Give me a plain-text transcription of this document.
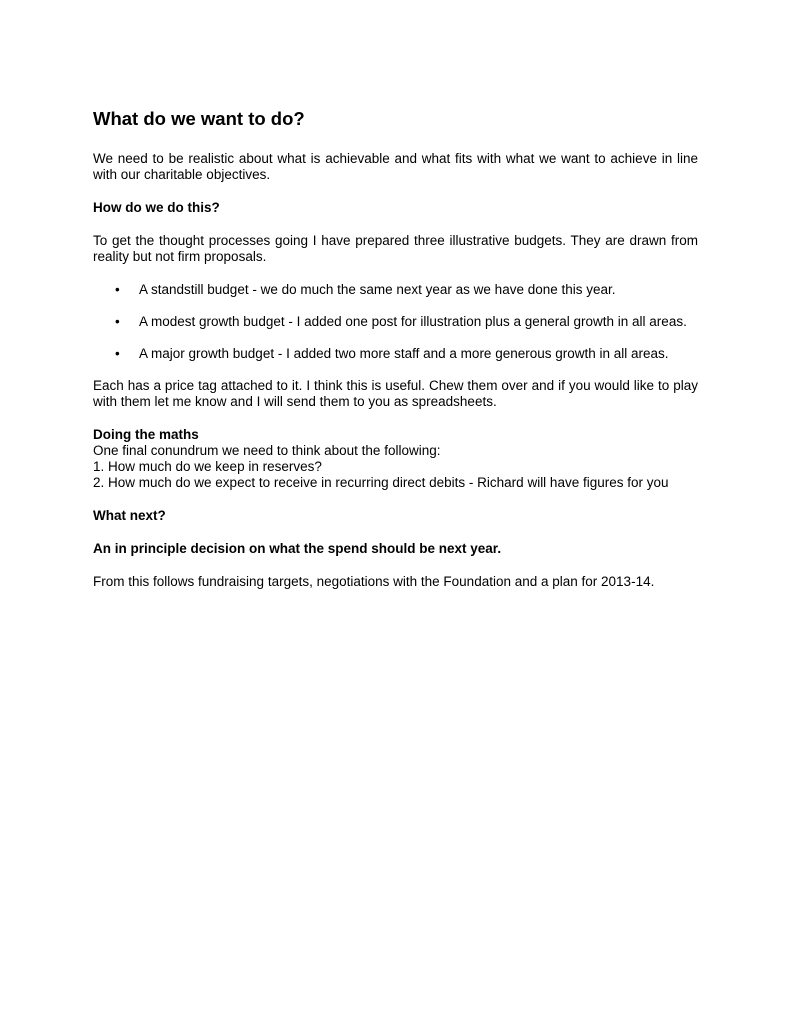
What do we want to do?

We need to be realistic about what is achievable and what fits with what we want to achieve in line with our charitable objectives.

How do we do this?

To get the thought processes going I have prepared three illustrative budgets. They are drawn from reality but not firm proposals.

• A standstill budget - we do much the same next year as we have done this year.
• A modest growth budget - I added one post for illustration plus a general growth in all areas.
• A major growth budget - I added two more staff and a more generous growth in all areas.

Each has a price tag attached to it. I think this is useful. Chew them over and if you would like to play with them let me know and I will send them to you as spreadsheets.

Doing the maths

One final conundrum we need to think about the following:

1. How much do we keep in reserves?

2. How much do we expect to receive in recurring direct debits - Richard will have figures for you

What next?

An in principle decision on what the spend should be next year.

From this follows fundraising targets, negotiations with the Foundation and a plan for 2013-14.
